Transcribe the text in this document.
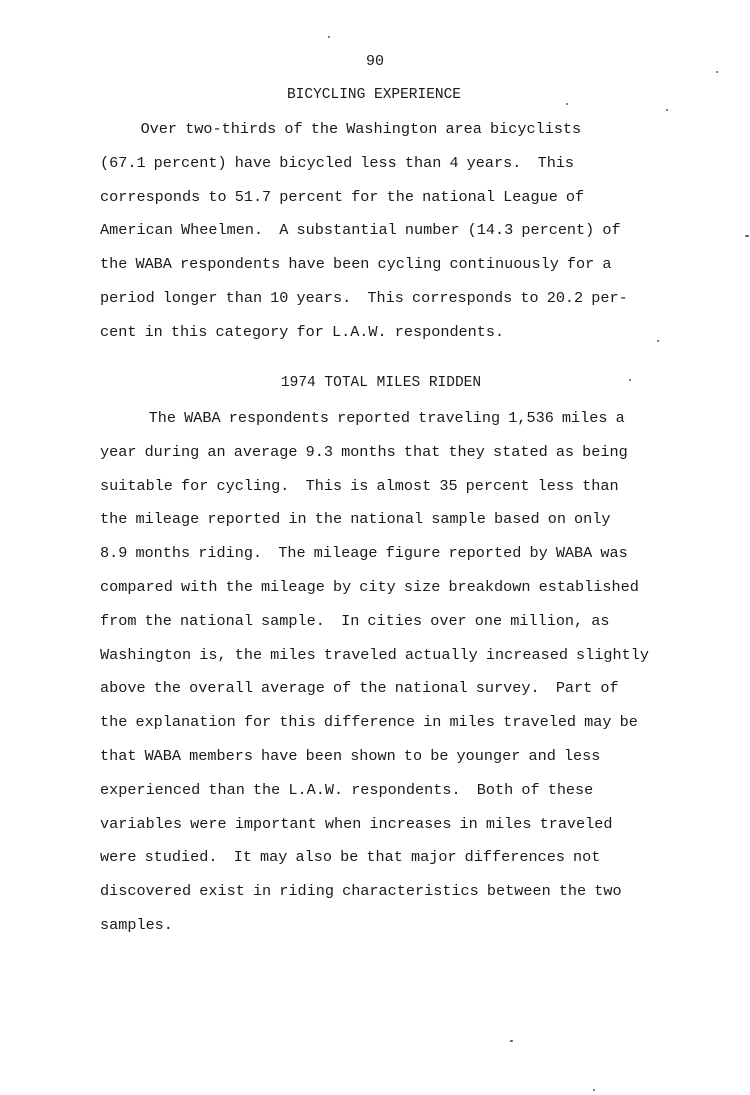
90
BICYCLING EXPERIENCE

Over two-thirds of the Washington area bicyclists
(67.1 percent) have bicycled less than 4 years.  This
corresponds to 51.7 percent for the national League of
American Wheelmen.  A substantial number (14.3 percent) of
the WABA respondents have been cycling continuously for a
period longer than 10 years.  This corresponds to 20.2 per-
cent in this category for L.A.W. respondents.

1974 TOTAL MILES RIDDEN

The WABA respondents reported traveling 1,536 miles a
year during an average 9.3 months that they stated as being
suitable for cycling.  This is almost 35 percent less than
the mileage reported in the national sample based on only
8.9 months riding.  The mileage figure reported by WABA was
compared with the mileage by city size breakdown established
from the national sample.  In cities over one million, as
Washington is, the miles traveled actually increased slightly
above the overall average of the national survey.  Part of
the explanation for this difference in miles traveled may be
that WABA members have been shown to be younger and less
experienced than the L.A.W. respondents.  Both of these
variables were important when increases in miles traveled
were studied.  It may also be that major differences not
discovered exist in riding characteristics between the two
samples.
